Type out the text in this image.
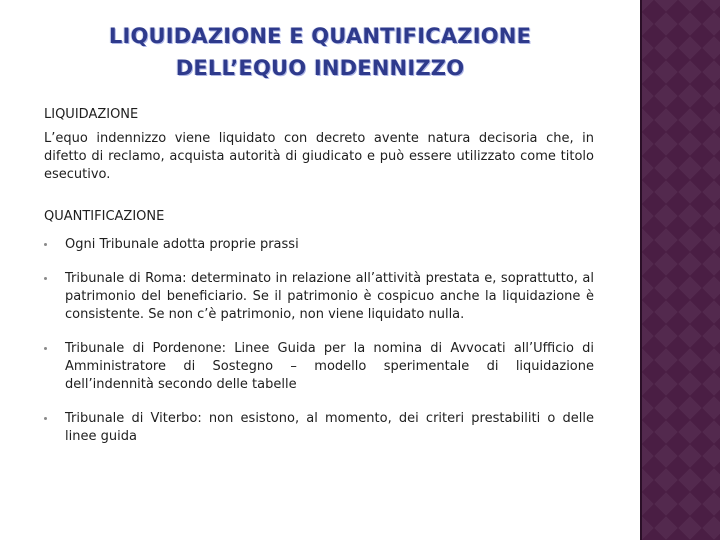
LIQUIDAZIONE E QUANTIFICAZIONE
DELL’EQUO INDENNIZZO

LIQUIDAZIONE

L’equo indennizzo viene liquidato con decreto avente natura decisoria che, in difetto di reclamo, acquista autorità di giudicato e può essere utilizzato come titolo esecutivo.

QUANTIFICAZIONE

Ogni Tribunale adotta proprie prassi
Tribunale di Roma: determinato in relazione all’attività prestata e, soprattutto, al patrimonio del beneficiario. Se il patrimonio è cospicuo anche la liquidazione è consistente. Se non c’è patrimonio, non viene liquidato nulla.
Tribunale di Pordenone: Linee Guida per la nomina di Avvocati all’Ufficio di Amministratore di Sostegno – modello sperimentale di liquidazione dell’indennità secondo delle tabelle
Tribunale di Viterbo: non esistono, al momento, dei criteri prestabiliti o delle linee guida
